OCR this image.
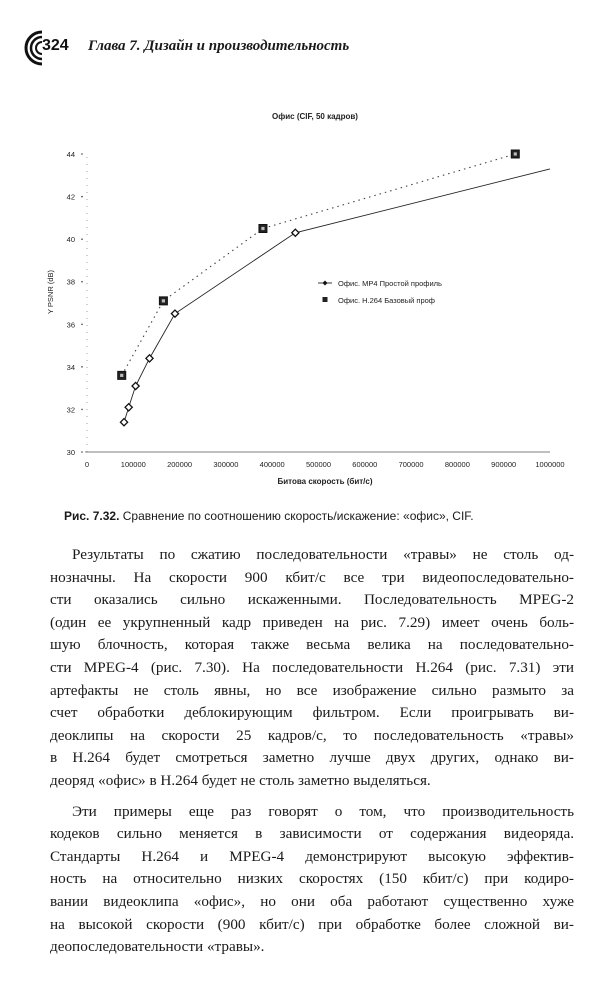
324 Глава 7. Дизайн и производительность
Офис (CIF, 50 кадров)
Y PSNR (dB)
Битова скорость (бит/с)
0	100000	200000	300000	400000	500000	600000	700000	800000	900000	1000000
30
32
34
36
38
40
42
44
Офис. MP4 Простой профиль
Офис. H.264 Базовый проф
Рис. 7.32. Сравнение по соотношению скорость/искажение: «офис», CIF.

Результаты по сжатию последовательности «травы» не столь од-
нозначны. На скорости 900 кбит/с все три видеопоследовательно-
сти оказались сильно искаженными. Последовательность MPEG-2
(один ее укрупненный кадр приведен на рис. 7.29) имеет очень боль-
шую блочность, которая также весьма велика на последовательно-
сти MPEG-4 (рис. 7.30). На последовательности H.264 (рис. 7.31) эти
артефакты не столь явны, но все изображение сильно размыто за
счет обработки деблокирующим фильтром. Если проигрывать ви-
деоклипы на скорости 25 кадров/с, то последовательность «травы»
в H.264 будет смотреться заметно лучше двух других, однако ви-
деоряд «офис» в H.264 будет не столь заметно выделяться.

Эти примеры еще раз говорят о том, что производительность
кодеков сильно меняется в зависимости от содержания видеоряда.
Стандарты H.264 и MPEG-4 демонстрируют высокую эффектив-
ность на относительно низких скоростях (150 кбит/с) при кодиро-
вании видеоклипа «офис», но они оба работают существенно хуже
на высокой скорости (900 кбит/с) при обработке более сложной ви-
деопоследовательности «травы».
